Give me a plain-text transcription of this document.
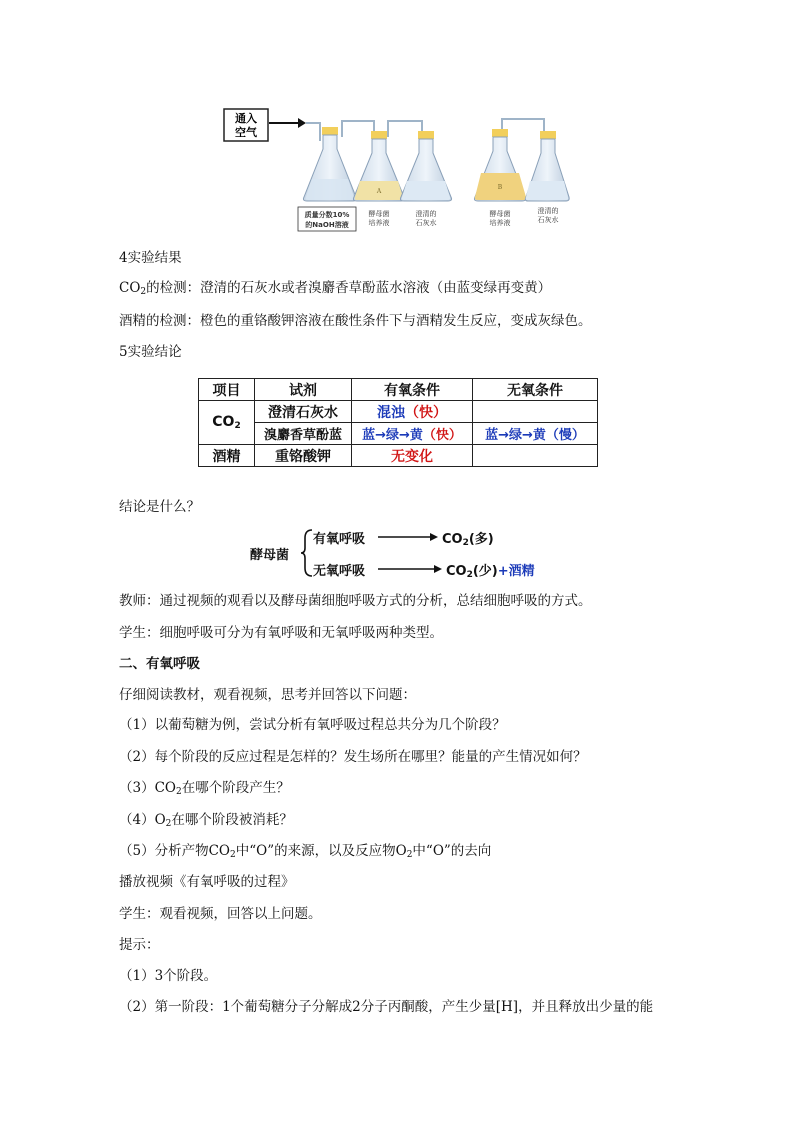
通入
空气
A
B
质量分数10%
的NaOH溶液
酵母菌
培养液
澄清的
石灰水
酵母菌
培养液
澄清的
石灰水
4实验结果
$CO_2$的检测：澄清的石灰水或者溴麝香草酚蓝水溶液（由蓝变绿再变黄）
酒精的检测：橙色的重铬酸钾溶液在酸性条件下与酒精发生反应，变成灰绿色。
5实验结论
项目	试剂	有氧条件	无氧条件
$CO_2$	澄清石灰水	混浊（快）	
	溴麝香草酚蓝	蓝→绿→黄（快）	蓝→绿→黄（慢）
酒精	重铬酸钾	无变化	
结论是什么？
酵母菌
有氧呼吸	$CO_2$(多)
无氧呼吸	$CO_2$(少)+酒精
教师：通过视频的观看以及酵母菌细胞呼吸方式的分析，总结细胞呼吸的方式。
学生：细胞呼吸可分为有氧呼吸和无氧呼吸两种类型。
二、有氧呼吸
仔细阅读教材，观看视频，思考并回答以下问题：
（1）以葡萄糖为例，尝试分析有氧呼吸过程总共分为几个阶段？
（2）每个阶段的反应过程是怎样的？发生场所在哪里？能量的产生情况如何？
$(3)CO_2$在哪个阶段产生？
$(4)O_2$在哪个阶段被消耗？
（5）分析产物$CO_2$中“O”的来源，以及反应物$O_2$中“O”的去向
播放视频《有氧呼吸的过程》
学生：观看视频，回答以上问题。
提示：
（1）3个阶段。
（2）第一阶段：1个葡萄糖分子分解成2分子丙酮酸，产生少量[H]，并且释放出少量的能
